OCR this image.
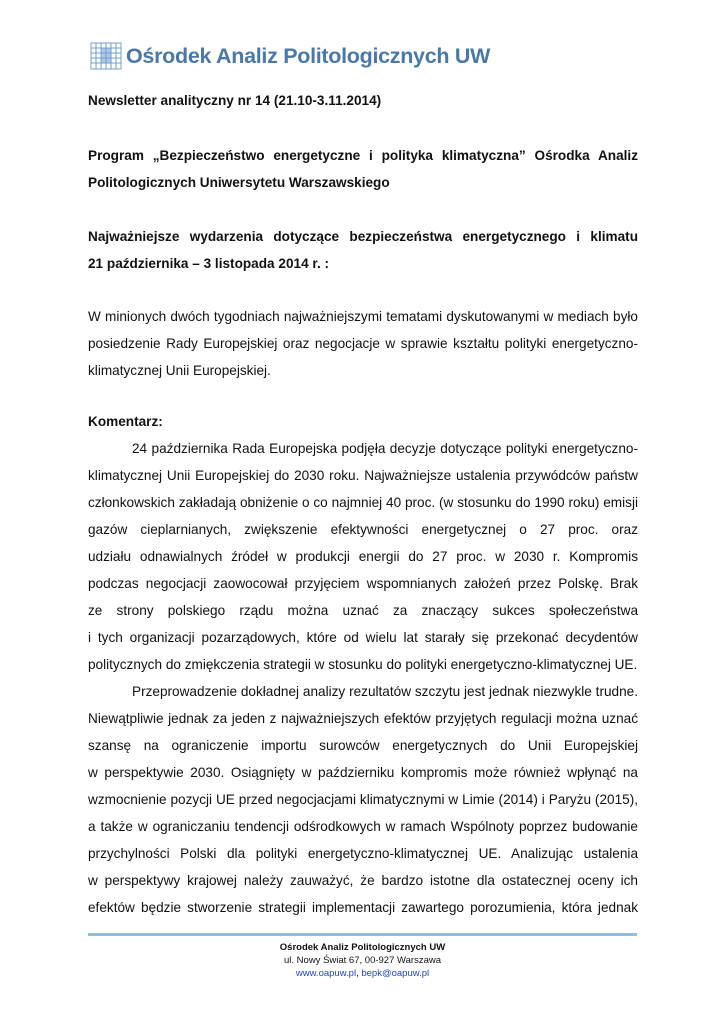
Ośrodek Analiz Politologicznych UW
Newsletter analityczny nr 14 (21.10-3.11.2014)
Program „Bezpieczeństwo energetyczne i polityka klimatyczna” Ośrodka Analiz
Politologicznych Uniwersytetu Warszawskiego
Najważniejsze wydarzenia dotyczące bezpieczeństwa energetycznego i klimatu
21 października – 3 listopada 2014 r. :
W minionych dwóch tygodniach najważniejszymi tematami dyskutowanymi w mediach było
posiedzenie Rady Europejskiej oraz negocjacje w sprawie kształtu polityki energetyczno-
klimatycznej Unii Europejskiej.
Komentarz:
24 października Rada Europejska podjęła decyzje dotyczące polityki energetyczno-
klimatycznej Unii Europejskiej do 2030 roku. Najważniejsze ustalenia przywódców państw
członkowskich zakładają obniżenie o co najmniej 40 proc. (w stosunku do 1990 roku) emisji
gazów cieplarnianych, zwiększenie efektywności energetycznej o 27 proc. oraz
udziału odnawialnych źródeł w produkcji energii do 27 proc. w 2030 r. Kompromis
podczas negocjacji zaowocował przyjęciem wspomnianych założeń przez Polskę. Brak
ze strony polskiego rządu można uznać za znaczący sukces społeczeństwa
i tych organizacji pozarządowych, które od wielu lat starały się przekonać decydentów
politycznych do zmiękczenia strategii w stosunku do polityki energetyczno-klimatycznej UE.
Przeprowadzenie dokładnej analizy rezultatów szczytu jest jednak niezwykle trudne.
Niewątpliwie jednak za jeden z najważniejszych efektów przyjętych regulacji można uznać
szansę na ograniczenie importu surowców energetycznych do Unii Europejskiej
w perspektywie 2030. Osiągnięty w październiku kompromis może również wpłynąć na
wzmocnienie pozycji UE przed negocjacjami klimatycznymi w Limie (2014) i Paryżu (2015),
a także w ograniczaniu tendencji odśrodkowych w ramach Wspólnoty poprzez budowanie
przychylności Polski dla polityki energetyczno-klimatycznej UE. Analizując ustalenia
w perspektywy krajowej należy zauważyć, że bardzo istotne dla ostatecznej oceny ich
efektów będzie stworzenie strategii implementacji zawartego porozumienia, która jednak
Ośrodek Analiz Politologicznych UW
ul. Nowy Świat 67, 00-927 Warszawa
www.oapuw.pl, bepk@oapuw.pl
